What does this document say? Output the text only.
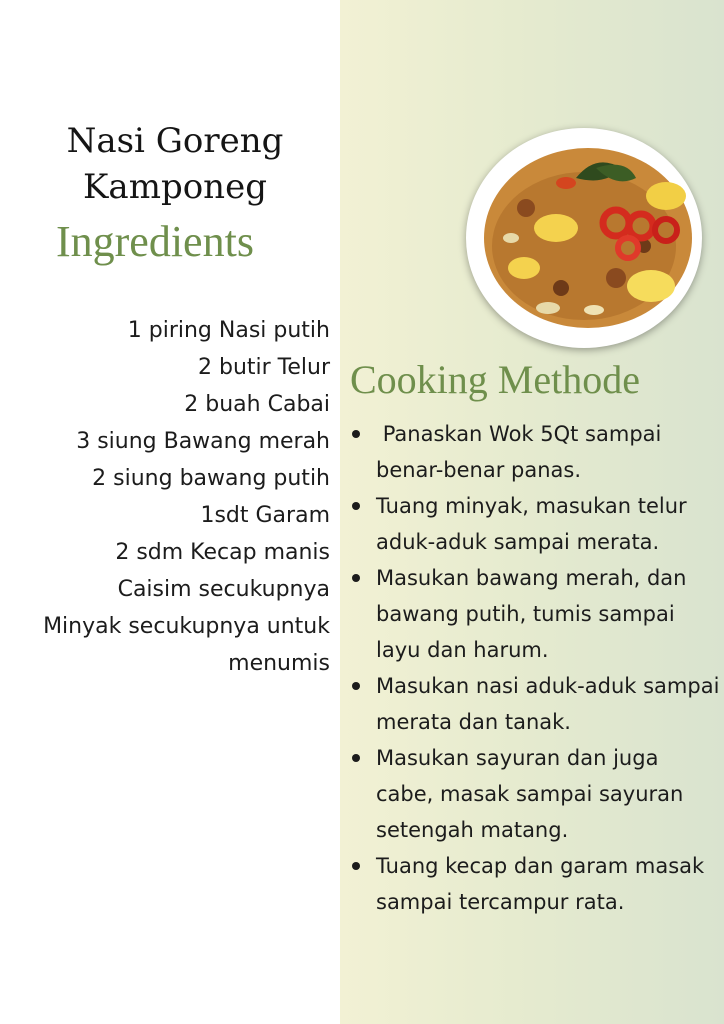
Nasi Goreng
Kamponeg
Ingredients
1 piring Nasi putih
2 butir Telur
2 buah Cabai
3 siung Bawang merah
2 siung bawang putih
1sdt Garam
2 sdm Kecap manis
Caisim secukupnya
Minyak secukupnya untuk
menumis
Cooking Methode
Panaskan Wok 5Qt sampai benar-benar panas.
Tuang minyak, masukan telur aduk-aduk sampai merata.
Masukan bawang merah, dan bawang putih, tumis sampai layu dan harum.
Masukan nasi aduk-aduk sampai merata dan tanak.
Masukan sayuran dan juga cabe, masak sampai sayuran setengah matang.
Tuang kecap dan garam masak sampai tercampur rata.
